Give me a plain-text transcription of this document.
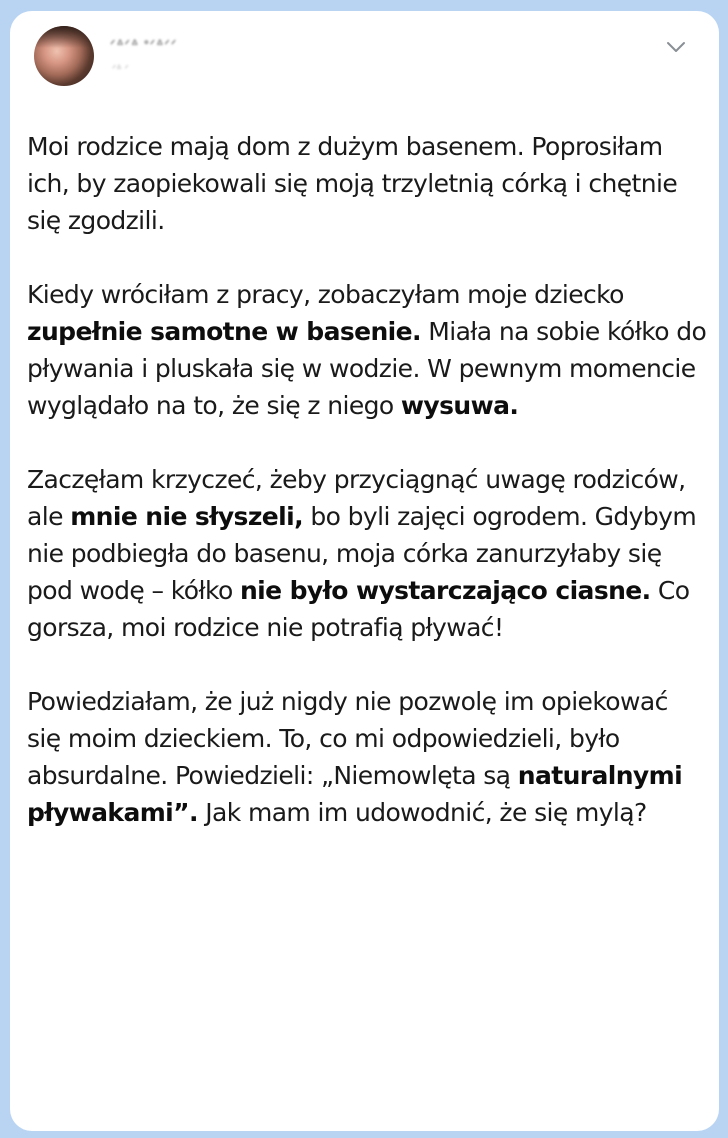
ᐟᐞᐟᐞ ᐤᐟᐞᐟᐟ
ᐟᐞ ᐟ

Moi rodzice mają dom z dużym basenem. Poprosiłam ich, by zaopiekowali się moją trzyletnią córką i chętnie się zgodzili.

Kiedy wróciłam z pracy, zobaczyłam moje dziecko zupełnie samotne w basenie. Miała na sobie kółko do pływania i pluskała się w wodzie. W pewnym momencie wyglądało na to, że się z niego wysuwa.

Zaczęłam krzyczeć, żeby przyciągnąć uwagę rodziców, ale mnie nie słyszeli, bo byli zajęci ogrodem. Gdybym nie podbiegła do basenu, moja córka zanurzyłaby się pod wodę – kółko nie było wystarczająco ciasne. Co gorsza, moi rodzice nie potrafią pływać!

Powiedziałam, że już nigdy nie pozwolę im opiekować się moim dzieckiem. To, co mi odpowiedzieli, było absurdalne. Powiedzieli: „Niemowlęta są naturalnymi pływakami”. Jak mam im udowodnić, że się mylą?
